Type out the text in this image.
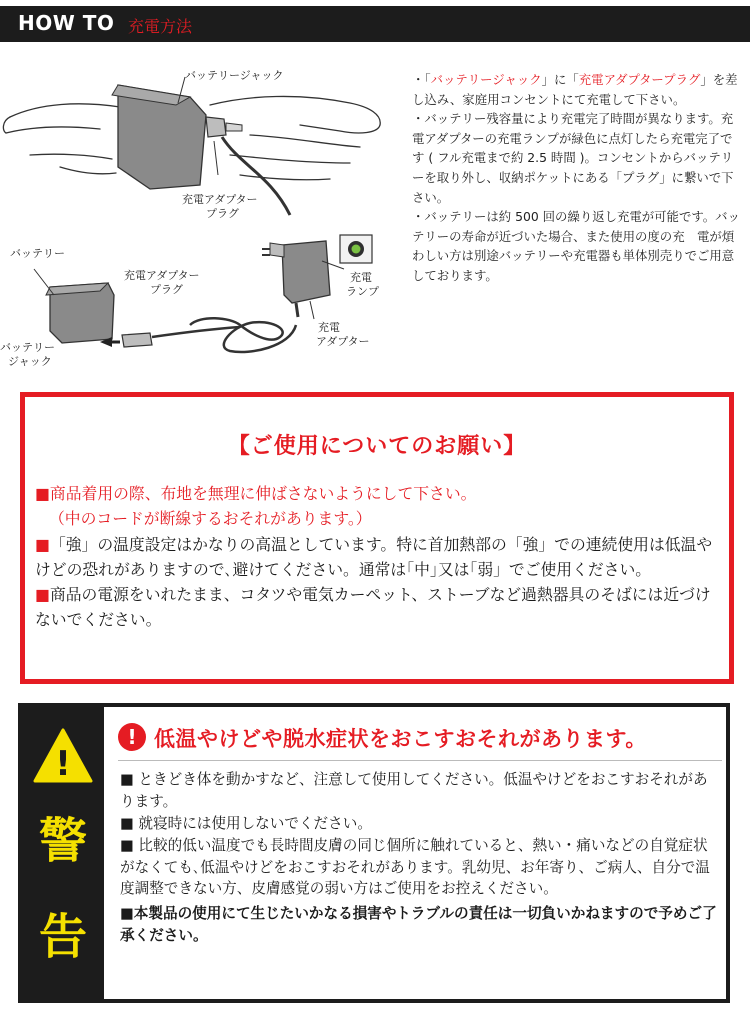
HOW TO 充電方法
バッテリージャック
充電アダプター
プラグ
バッテリー
充電アダプター
プラグ
充電
ランプ
充電
アダプター
バッテリー
ジャック

・「バッテリージャック」に「充電アダプタープラグ」を差し込み、家庭用コンセントにて充電して下さい。

・バッテリー残容量により充電完了時間が異なります。充電アダプターの充電ランプが緑色に点灯したら充電完了です ( フル充電まで約 2.5 時間 )。コンセントからバッテリーを取り外し、収納ポケットにある「プラグ」に繋いで下さい。

・バッテリーは約 500 回の繰り返し充電が可能です。バッテリーの寿命が近づいた場合、また使用の度の充　電が煩わしい方は別途バッテリーや充電器も単体別売りでご用意しております。

【ご使用についてのお願い】

■商品着用の際、布地を無理に伸ばさないようにして下さい。

（中のコードが断線するおそれがあります。）

■「強」の温度設定はかなりの高温としています。特に首加熱部の「強」での連続使用は低温やけどの恐れがありますので､避けてください。通常は｢中｣又は｢弱」でご使用ください。

■商品の電源をいれたまま、コタツや電気カーペット、ストーブなど過熱器具のそばには近づけないでください。

!
警
告
! 低温やけどや脱水症状をおこすおそれがあります。

■ ときどき体を動かすなど、注意して使用してください。低温やけどをおこすおそれがあります。

■ 就寝時には使用しないでください。

■ 比較的低い温度でも長時間皮膚の同じ個所に触れていると、熱い・痛いなどの自覚症状がなくても､低温やけどをおこすおそれがあります。乳幼児、お年寄り、ご病人、自分で温度調整できない方、皮膚感覚の弱い方はご使用をお控えください。

■本製品の使用にて生じたいかなる損害やトラブルの責任は一切負いかねますので予めご了承ください。
